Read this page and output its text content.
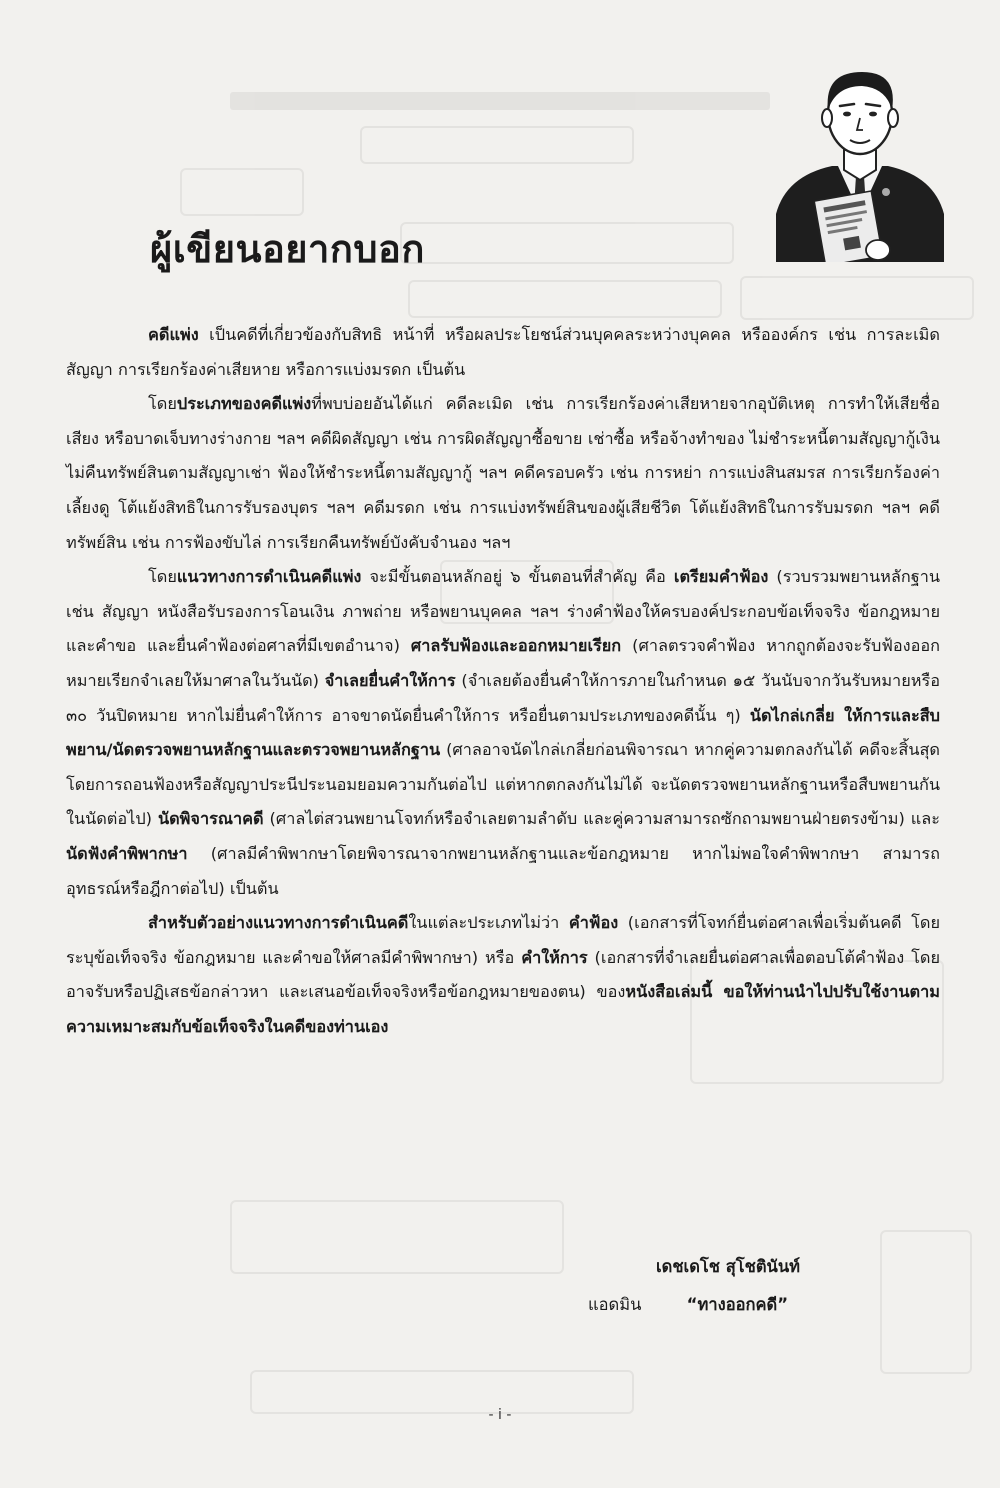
ผู้เขียนอยากบอก

คดีแพ่ง เป็นคดีที่เกี่ยวข้องกับสิทธิ หน้าที่ หรือผลประโยชน์ส่วนบุคคลระหว่างบุคคล หรือองค์กร เช่น การละเมิดสัญญา การเรียกร้องค่าเสียหาย หรือการแบ่งมรดก เป็นต้น

โดยประเภทของคดีแพ่งที่พบบ่อยอันได้แก่ คดีละเมิด เช่น การเรียกร้องค่าเสียหายจากอุบัติเหตุ การทำให้เสียชื่อเสียง หรือบาดเจ็บทางร่างกาย ฯลฯ คดีผิดสัญญา เช่น การผิดสัญญาซื้อขาย เช่าซื้อ หรือจ้างทำของ ไม่ชำระหนี้ตามสัญญากู้เงิน ไม่คืนทรัพย์สินตามสัญญาเช่า ฟ้องให้ชำระหนี้ตามสัญญากู้ ฯลฯ คดีครอบครัว เช่น การหย่า การแบ่งสินสมรส การเรียกร้องค่าเลี้ยงดู โต้แย้งสิทธิในการรับรองบุตร ฯลฯ คดีมรดก เช่น การแบ่งทรัพย์สินของผู้เสียชีวิต โต้แย้งสิทธิในการรับมรดก ฯลฯ คดีทรัพย์สิน เช่น การฟ้องขับไล่ การเรียกคืนทรัพย์บังคับจำนอง ฯลฯ

โดยแนวทางการดำเนินคดีแพ่ง จะมีขั้นตอนหลักอยู่ ๖ ขั้นตอนที่สำคัญ คือ เตรียมคำฟ้อง (รวบรวมพยานหลักฐาน เช่น สัญญา หนังสือรับรองการโอนเงิน ภาพถ่าย หรือพยานบุคคล ฯลฯ ร่างคำฟ้องให้ครบองค์ประกอบข้อเท็จจริง ข้อกฎหมาย และคำขอ และยื่นคำฟ้องต่อศาลที่มีเขตอำนาจ) ศาลรับฟ้องและออกหมายเรียก (ศาลตรวจคำฟ้อง หากถูกต้องจะรับฟ้องออกหมายเรียกจำเลยให้มาศาลในวันนัด) จำเลยยื่นคำให้การ (จำเลยต้องยื่นคำให้การภายในกำหนด ๑๕ วันนับจากวันรับหมายหรือ ๓๐ วันปิดหมาย หากไม่ยื่นคำให้การ อาจขาดนัดยื่นคำให้การ หรือยื่นตามประเภทของคดีนั้น ๆ) นัดไกล่เกลี่ย ให้การและสืบพยาน/นัดตรวจพยานหลักฐานและตรวจพยานหลักฐาน (ศาลอาจนัดไกล่เกลี่ยก่อนพิจารณา หากคู่ความตกลงกันได้ คดีจะสิ้นสุดโดยการถอนฟ้องหรือสัญญาประนีประนอมยอมความกันต่อไป แต่หากตกลงกันไม่ได้ จะนัดตรวจพยานหลักฐานหรือสืบพยานกันในนัดต่อไป) นัดพิจารณาคดี (ศาลไต่สวนพยานโจทก์หรือจำเลยตามลำดับ และคู่ความสามารถซักถามพยานฝ่ายตรงข้าม) และ นัดฟังคำพิพากษา (ศาลมีคำพิพากษาโดยพิจารณาจากพยานหลักฐานและข้อกฎหมาย หากไม่พอใจคำพิพากษา สามารถอุทธรณ์หรือฎีกาต่อไป) เป็นต้น

สำหรับตัวอย่างแนวทางการดำเนินคดีในแต่ละประเภทไม่ว่า คำฟ้อง (เอกสารที่โจทก์ยื่นต่อศาลเพื่อเริ่มต้นคดี โดยระบุข้อเท็จจริง ข้อกฎหมาย และคำขอให้ศาลมีคำพิพากษา) หรือ คำให้การ (เอกสารที่จำเลยยื่นต่อศาลเพื่อตอบโต้คำฟ้อง โดยอาจรับหรือปฏิเสธข้อกล่าวหา และเสนอข้อเท็จจริงหรือข้อกฎหมายของตน) ของหนังสือเล่มนี้ ขอให้ท่านนำไปปรับใช้งานตามความเหมาะสมกับข้อเท็จจริงในคดีของท่านเอง

เดชเดโช สุโชตินันท์
แอดมิน	“ทางออกคดี”
- i -
